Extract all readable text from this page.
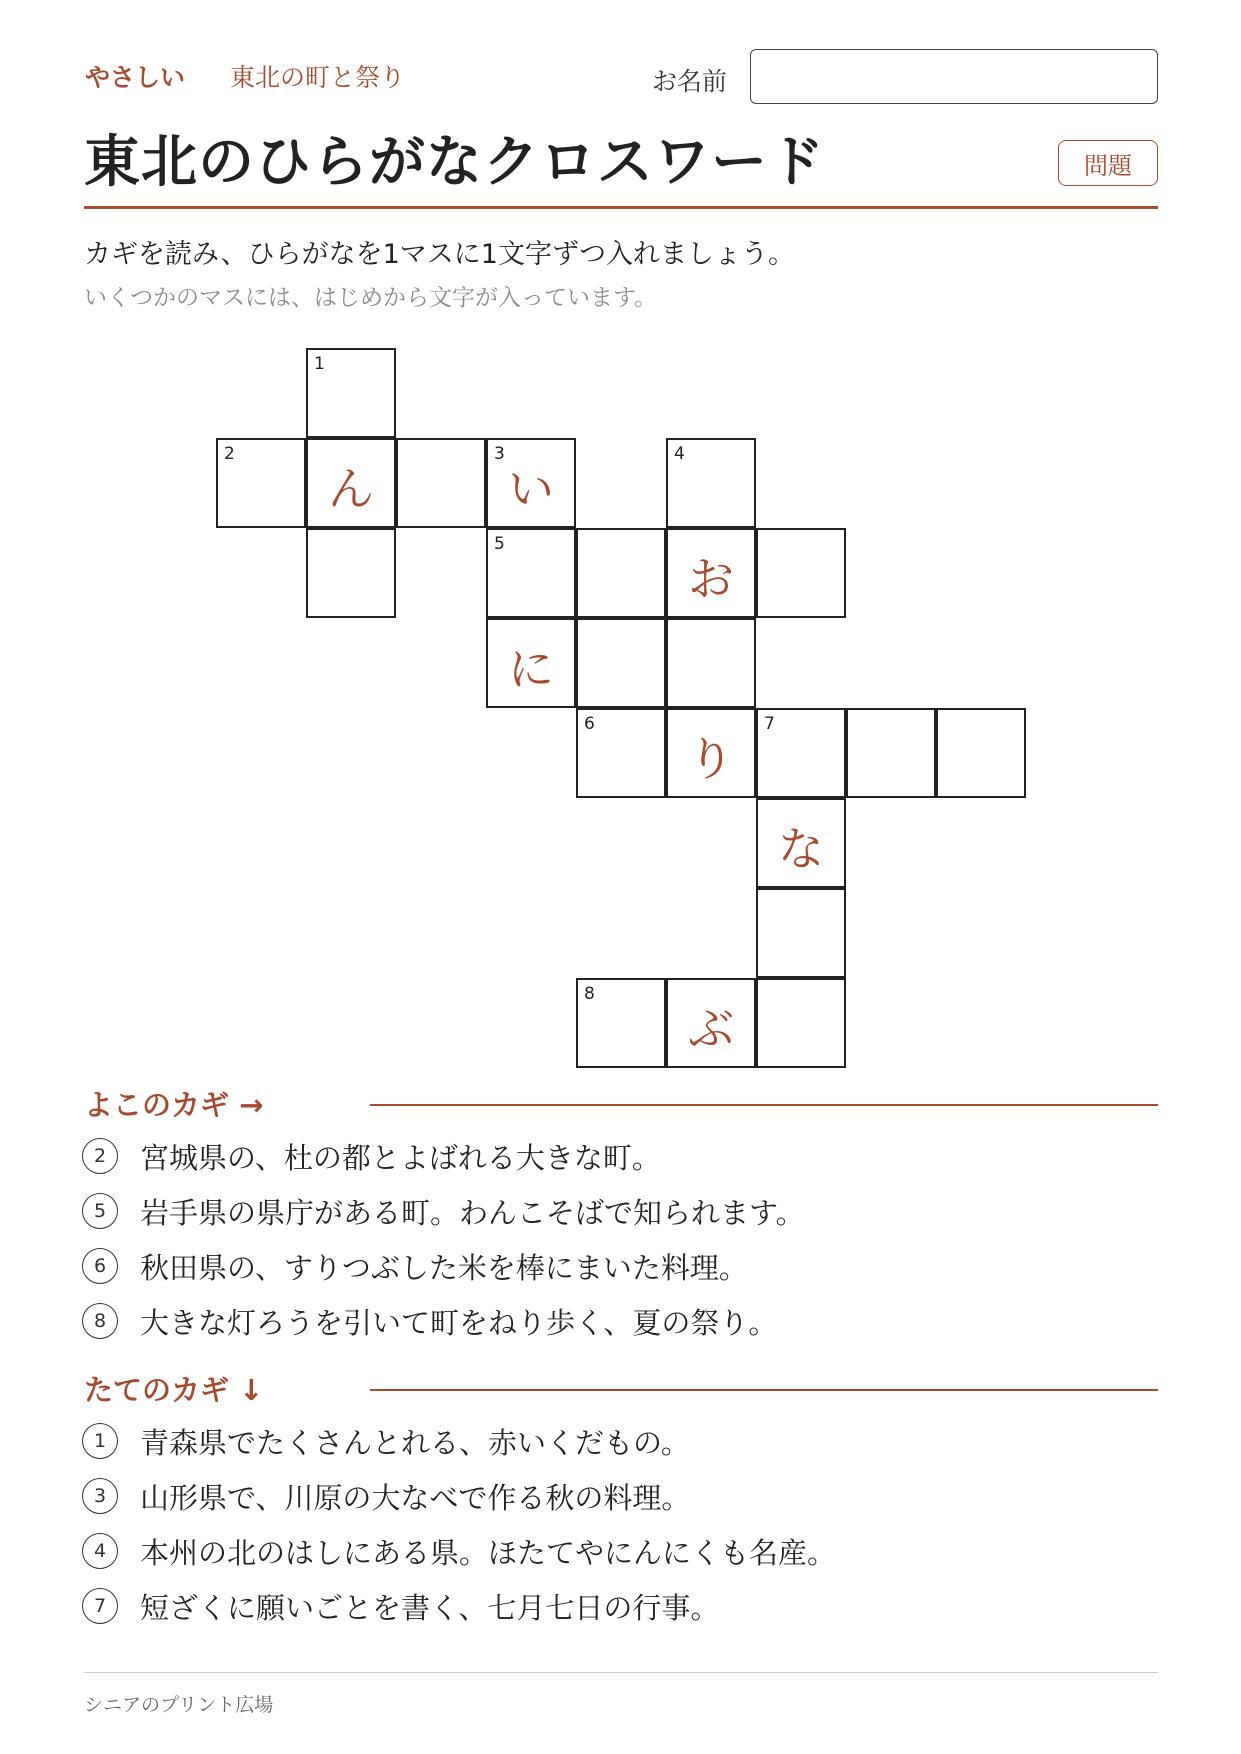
やさしい 東北の町と祭り	お名前
東北のひらがなクロスワード	問題
カギを読み、ひらがなを1マスに1文字ずつ入れましょう。
いくつかのマスには、はじめから文字が入っています。
1
2
ん
3
い
4
5
お
に
6
り
7
な
8
ぶ
よこのカギ →
2	宮城県の、杜の都とよばれる大きな町。
5	岩手県の県庁がある町。わんこそばで知られます。
6	秋田県の、すりつぶした米を棒にまいた料理。
8	大きな灯ろうを引いて町をねり歩く、夏の祭り。
たてのカギ ↓
1	青森県でたくさんとれる、赤いくだもの。
3	山形県で、川原の大なべで作る秋の料理。
4	本州の北のはしにある県。ほたてやにんにくも名産。
7	短ざくに願いごとを書く、七月七日の行事。
シニアのプリント広場
